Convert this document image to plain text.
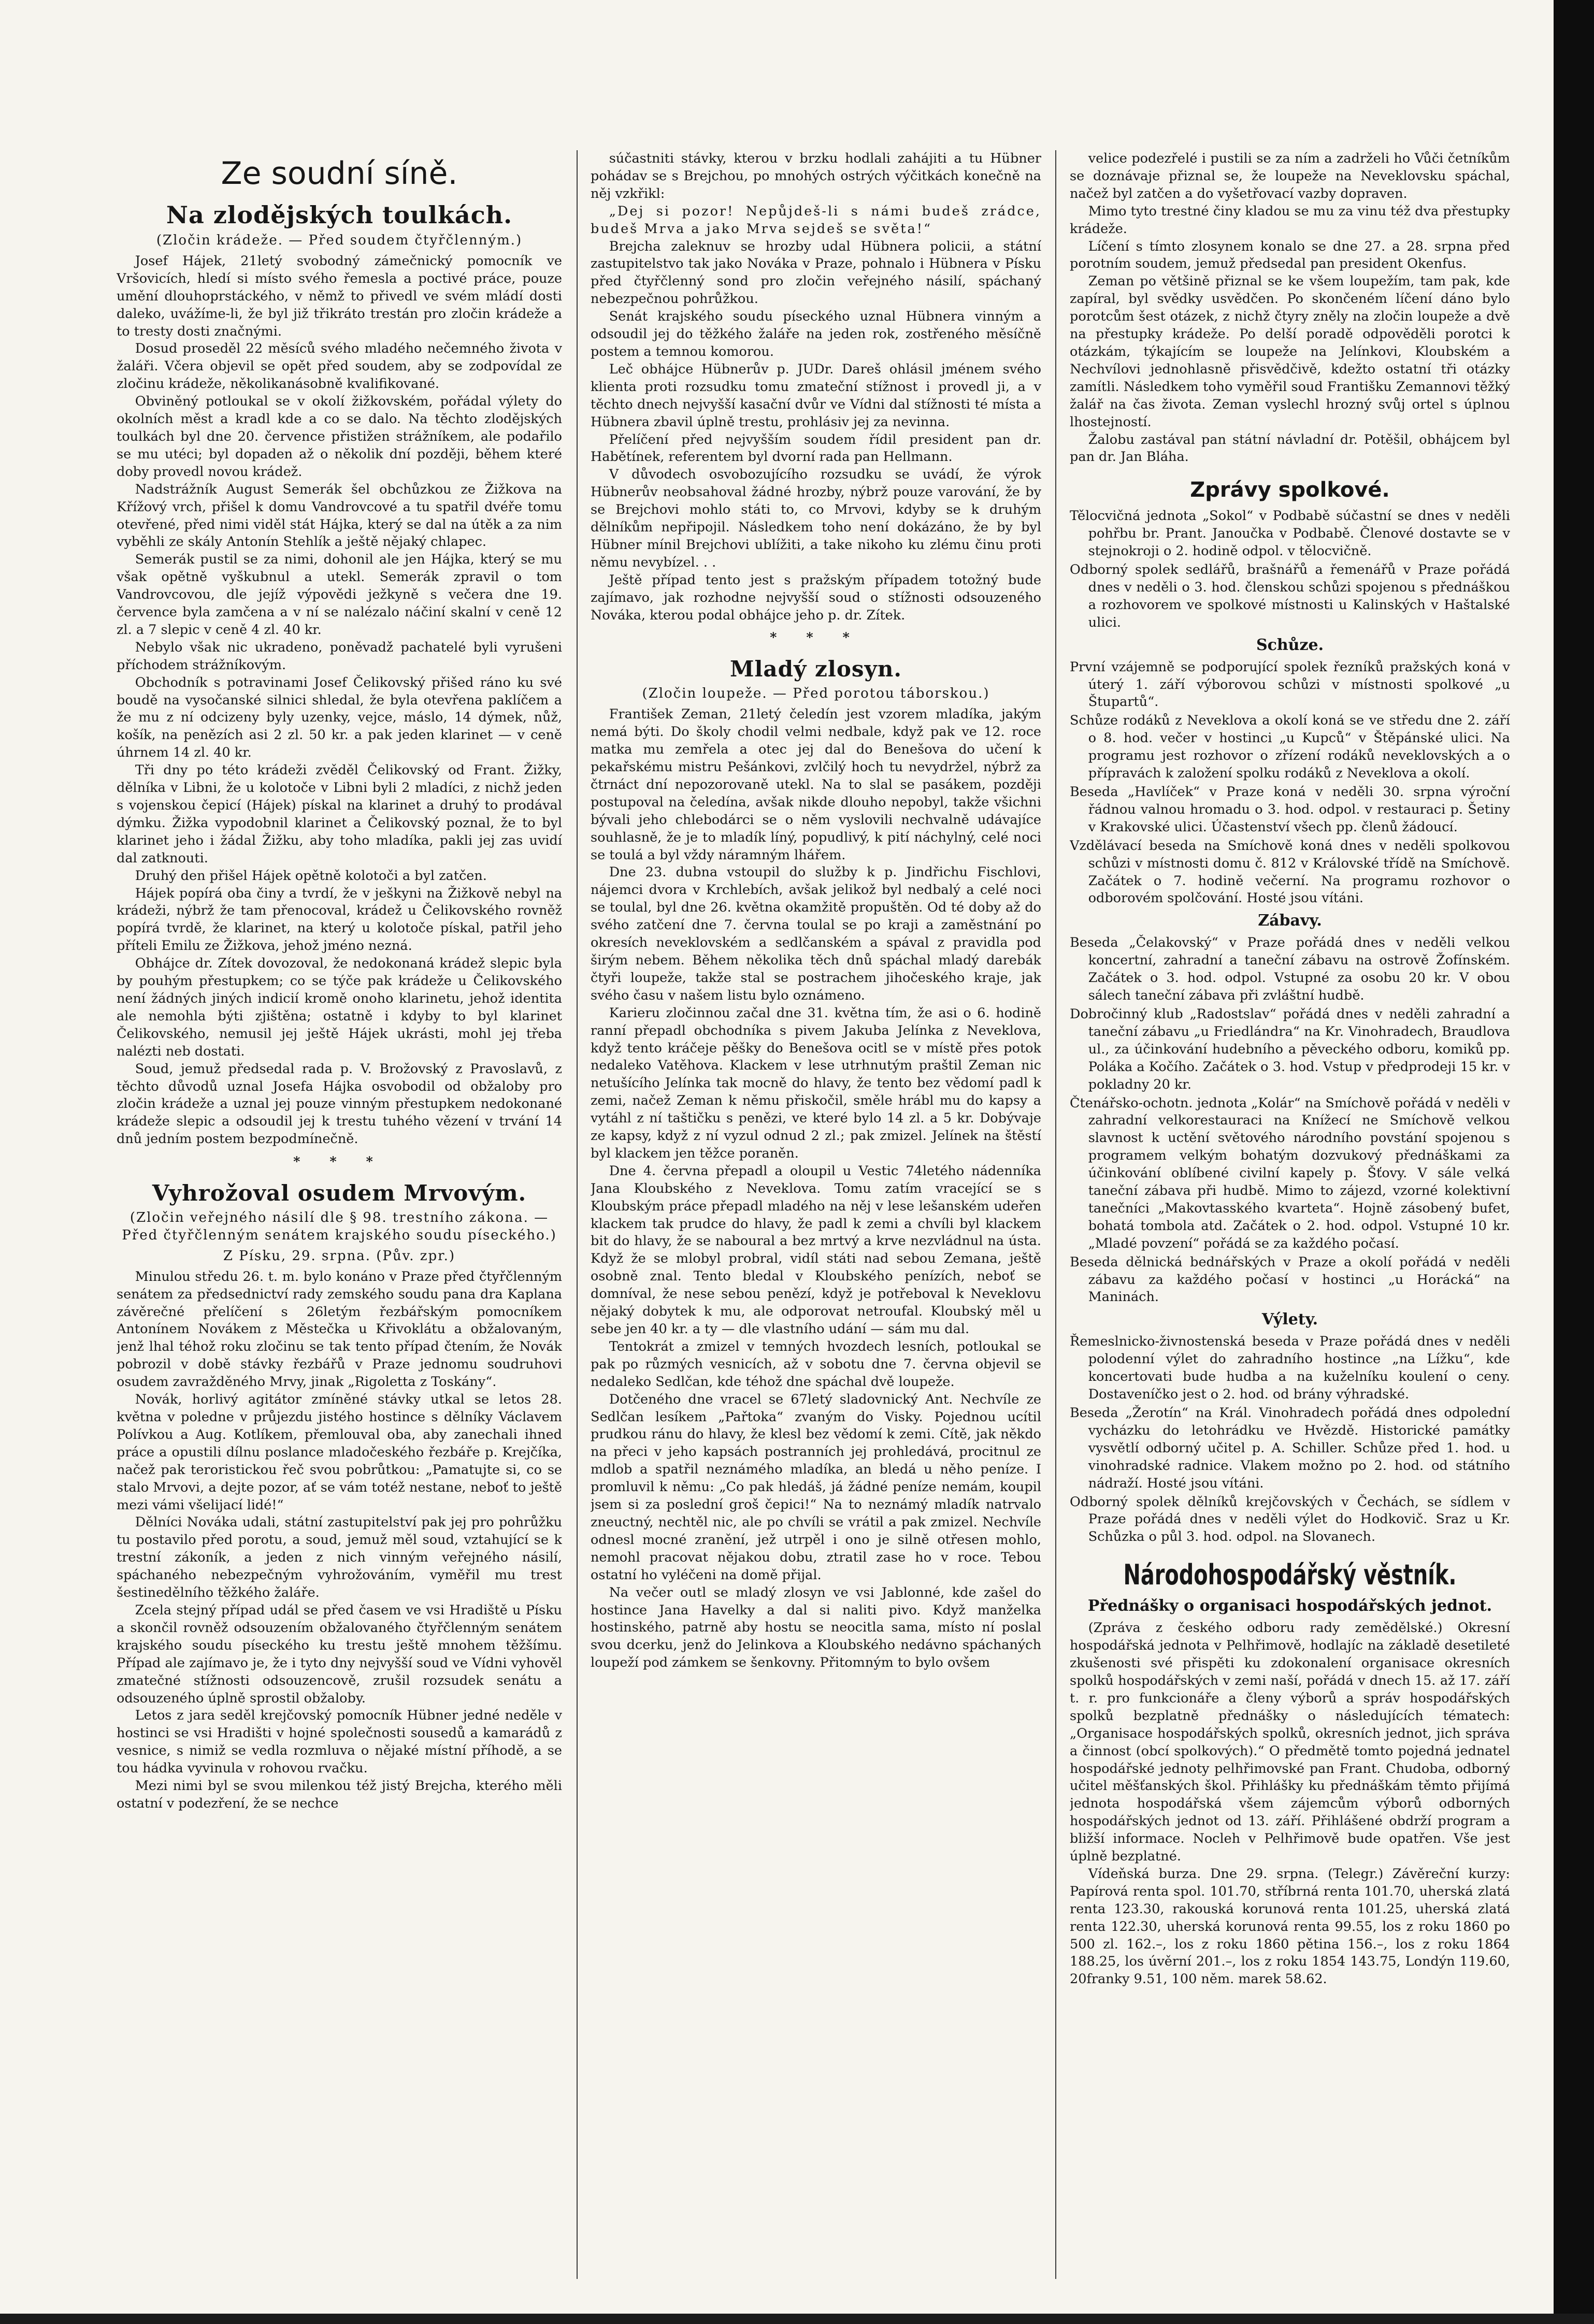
Ze soudní síně.
Na zlodějských toulkách.

(Zločin krádeže. — Před soudem čtyřčlenným.)

Josef Hájek, 21letý svobodný zámečnický pomocník ve Vršovicích, hledí si místo svého řemesla a poctivé práce, pouze umění dlouhoprstáckého, v němž to přivedl ve svém mládí dosti daleko, uvážíme-li, že byl již třikráto trestán pro zločin krádeže a to tresty dosti značnými.

Dosud proseděl 22 měsíců svého mladého nečemného života v žaláři. Včera objevil se opět před soudem, aby se zodpovídal ze zločinu krádeže, několikanásobně kvalifikované.

Obviněný potloukal se v okolí žižkovském, pořádal výlety do okolních měst a kradl kde a co se dalo. Na těchto zlodějských toulkách byl dne 20. července přistižen strážníkem, ale podařilo se mu utéci; byl dopaden až o několik dní později, během které doby provedl novou krádež.

Nadstrážník August Semerák šel obchůzkou ze Žižkova na Křížový vrch, přišel k domu Vandrovcové a tu spatřil dvéře tomu otevřené, před nimi viděl stát Hájka, který se dal na útěk a za nim vyběhli ze skály Antonín Stehlík a ještě nějaký chlapec.

Semerák pustil se za nimi, dohonil ale jen Hájka, který se mu však opětně vyškubnul a utekl. Semerák zpravil o tom Vandrovcovou, dle jejíž výpovědi ježkyně s večera dne 19. července byla zamčena a v ní se nalézalo náčiní skalní v ceně 12 zl. a 7 slepic v ceně 4 zl. 40 kr.

Nebylo však nic ukradeno, poněvadž pachatelé byli vyrušeni příchodem strážníkovým.

Obchodník s potravinami Josef Čelikovský přišed ráno ku své boudě na vysočanské silnici shledal, že byla otevřena paklíčem a že mu z ní odcizeny byly uzenky, vejce, máslo, 14 dýmek, nůž, košík, na penězích asi 2 zl. 50 kr. a pak jeden klarinet — v ceně úhrnem 14 zl. 40 kr.

Tři dny po této krádeži zvěděl Čelikovský od Frant. Žižky, dělníka v Libni, že u kolotoče v Libni byli 2 mladíci, z nichž jeden s vojenskou čepicí (Hájek) pískal na klarinet a druhý to prodával dýmku. Žižka vypodobnil klarinet a Čelikovský poznal, že to byl klarinet jeho i žádal Žižku, aby toho mladíka, pakli jej zas uvidí dal zatknouti.

Druhý den přišel Hájek opětně kolotoči a byl zatčen.

Hájek popírá oba činy a tvrdí, že v ješkyni na Žižkově nebyl na krádeži, nýbrž že tam přenocoval, krádež u Čelikovského rovněž popírá tvrdě, že klarinet, na který u kolotoče pískal, patřil jeho příteli Emilu ze Žižkova, jehož jméno nezná.

Obhájce dr. Zítek dovozoval, že nedokonaná krádež slepic byla by pouhým přestupkem; co se týče pak krádeže u Čelikovského není žádných jiných indicií kromě onoho klarinetu, jehož identita ale nemohla býti zjištěna; ostatně i kdyby to byl klarinet Čelikovského, nemusil jej ještě Hájek ukrásti, mohl jej třeba nalézti neb dostati.

Soud, jemuž předsedal rada p. V. Brožovský z Pravoslavů, z těchto důvodů uznal Josefa Hájka osvobodil od obžaloby pro zločin krádeže a uznal jej pouze vinným přestupkem nedokonané krádeže slepic a odsoudil jej k trestu tuhého vězení v trvání 14 dnů jedním postem bezpodmínečně.

* * *
Vyhrožoval osudem Mrvovým.

(Zločin veřejného násilí dle § 98. trestního zákona. — Před čtyřčlenným senátem krajského soudu píseckého.)

Z Písku, 29. srpna. (Pův. zpr.)

Minulou středu 26. t. m. bylo konáno v Praze před čtyřčlenným senátem za předsednictví rady zemského soudu pana dra Kaplana závěrečné přelíčení s 26letým řezbářským pomocníkem Antonínem Novákem z Městečka u Křivoklátu a obžalovaným, jenž lhal téhož roku zločinu se tak tento případ čtením, že Novák pobrozil v době stávky řezbářů v Praze jednomu soudruhovi osudem zavražděného Mrvy, jinak „Rigoletta z Toskány“.

Novák, horlivý agitátor zmíněné stávky utkal se letos 28. května v poledne v průjezdu jistého hostince s dělníky Václavem Polívkou a Aug. Kotlíkem, přemlouval oba, aby zanechali ihned práce a opustili dílnu poslance mladočeského řezbáře p. Krejčíka, načež pak teroristickou řeč svou pobrůtkou: „Pamatujte si, co se stalo Mrvovi, a dejte pozor, ať se vám totéž nestane, neboť to ještě mezi vámi všelijací lidé!“

Dělníci Nováka udali, státní zastupitelství pak jej pro pohrůžku tu postavilo před porotu, a soud, jemuž měl soud, vztahující se k trestní zákoník, a jeden z nich vinným veřejného násilí, spáchaného nebezpečným vyhrožováním, vyměřil mu trest šestinedělního těžkého žaláře.

Zcela stejný případ udál se před časem ve vsi Hradiště u Písku a skončil rovněž odsouzením obžalovaného čtyřčlenným senátem krajského soudu píseckého ku trestu ještě mnohem těžšímu. Případ ale zajímavo je, že i tyto dny nejvyšší soud ve Vídni vyhověl zmatečné stížnosti odsouzencově, zrušil rozsudek senátu a odsouzeného úplně sprostil obžaloby.

Letos z jara seděl krejčovský pomocník Hübner jedné neděle v hostinci se vsi Hradišti v hojné společnosti sousedů a kamarádů z vesnice, s nimiž se vedla rozmluva o nějaké místní příhodě, a se tou hádka vyvinula v rohovou rvačku.

Mezi nimi byl se svou milenkou též jistý Brejcha, kterého měli ostatní v podezření, že se nechce

súčastniti stávky, kterou v brzku hodlali zahájiti a tu Hübner pohádav se s Brejchou, po mnohých ostrých výčitkách konečně na něj vzkřikl:

„Dej si pozor! Nepůjdeš-li s námi budeš zrádce, budeš Mrva a jako Mrva sejdeš se světa!“

Brejcha zaleknuv se hrozby udal Hübnera policii, a státní zastupitelstvo tak jako Nováka v Praze, pohnalo i Hübnera v Písku před čtyřčlenný sond pro zločin veřejného násilí, spáchaný nebezpečnou pohrůžkou.

Senát krajského soudu píseckého uznal Hübnera vinným a odsoudil jej do těžkého žaláře na jeden rok, zostřeného měsíčně postem a temnou komorou.

Leč obhájce Hübnerův p. JUDr. Dareš ohlásil jménem svého klienta proti rozsudku tomu zmateční stížnost i provedl ji, a v těchto dnech nejvyšší kasační dvůr ve Vídni dal stížnosti té místa a Hübnera zbavil úplně trestu, prohlásiv jej za nevinna.

Přelíčení před nejvyšším soudem řídil president pan dr. Habětínek, referentem byl dvorní rada pan Hellmann.

V důvodech osvobozujícího rozsudku se uvádí, že výrok Hübnerův neobsahoval žádné hrozby, nýbrž pouze varování, že by se Brejchovi mohlo státi to, co Mrvovi, kdyby se k druhým dělníkům nepřipojil. Následkem toho není dokázáno, že by byl Hübner mínil Brejchovi ublížiti, a take nikoho ku zlému činu proti němu nevybízel. . .

Ještě případ tento jest s pražským případem totožný bude zajímavo, jak rozhodne nejvyšší soud o stížnosti odsouzeného Nováka, kterou podal obhájce jeho p. dr. Zítek.

* * *
Mladý zlosyn.

(Zločin loupeže. — Před porotou táborskou.)

František Zeman, 21letý čeledín jest vzorem mladíka, jakým nemá býti. Do školy chodil velmi nedbale, když pak ve 12. roce matka mu zemřela a otec jej dal do Benešova do učení k pekařskému mistru Pešánkovi, zvlčilý hoch tu nevydržel, nýbrž za čtrnáct dní nepozorovaně utekl. Na to slal se pasákem, později postupoval na čeledína, avšak nikde dlouho nepobyl, takže všichni bývali jeho chlebodárci se o něm vyslovili nechvalně udávajíce souhlasně, že je to mladík líný, popudlivý, k pití náchylný, celé noci se toulá a byl vždy náramným lhářem.

Dne 23. dubna vstoupil do služby k p. Jindřichu Fischlovi, nájemci dvora v Krchlebích, avšak jelikož byl nedbalý a celé noci se toulal, byl dne 26. května okamžitě propuštěn. Od té doby až do svého zatčení dne 7. června toulal se po kraji a zaměstnání po okresích neveklovském a sedlčanském a spával z pravidla pod širým nebem. Během několika těch dnů spáchal mladý darebák čtyři loupeže, takže stal se postrachem jihočeského kraje, jak svého času v našem listu bylo oznámeno.

Karieru zločinnou začal dne 31. května tím, že asi o 6. hodině ranní přepadl obchodníka s pivem Jakuba Jelínka z Neveklova, když tento kráčeje pěšky do Benešova ocitl se v místě přes potok nedaleko Vatěhova. Klackem v lese utrhnutým praštil Zeman nic netušícího Jelínka tak mocně do hlavy, že tento bez vědomí padl k zemi, načež Zeman k němu přiskočil, směle hrábl mu do kapsy a vytáhl z ní taštičku s penězi, ve které bylo 14 zl. a 5 kr. Dobývaje ze kapsy, když z ní vyzul odnud 2 zl.; pak zmizel. Jelínek na štěstí byl klackem jen těžce poraněn.

Dne 4. června přepadl a oloupil u Vestic 74letého nádenníka Jana Kloubského z Neveklova. Tomu zatím vracející se s Kloubským práce přepadl mladého na něj v lese lešanském udeřen klackem tak prudce do hlavy, že padl k zemi a chvíli byl klackem bit do hlavy, že se naboural a bez mrtvý a krve nezvládnul na ústa. Když že se mlobyl probral, vidíl státi nad sebou Zemana, ještě osobně znal. Tento bledal v Kloubského penízích, neboť se domníval, že nese sebou penězí, když je potřeboval k Neveklovu nějaký dobytek k mu, ale odporovat netroufal. Kloubský měl u sebe jen 40 kr. a ty — dle vlastního udání — sám mu dal.

Tentokrát a zmizel v temných hvozdech lesních, potloukal se pak po růzmých vesnicích, až v sobotu dne 7. června objevil se nedaleko Sedlčan, kde téhož dne spáchal dvě loupeže.

Dotčeného dne vracel se 67letý sladovnický Ant. Nechvíle ze Sedlčan lesíkem „Pařtoka“ zvaným do Visky. Pojednou ucítil prudkou ránu do hlavy, že klesl bez vědomí k zemi. Cítě, jak někdo na přeci v jeho kapsách postranních jej prohledává, procitnul ze mdlob a spatřil neznámého mladíka, an bledá u něho peníze. I promluvil k němu: „Co pak hledáš, já žádné peníze nemám, koupil jsem si za poslední groš čepici!“ Na to neznámý mladík natrvalo zneuctný, nechtěl nic, ale po chvíli se vrátil a pak zmizel. Nechvíle odnesl mocné zranění, jež utrpěl i ono je silně otřesen mohlo, nemohl pracovat nějakou dobu, ztratil zase ho v roce. Tebou ostatní ho vyléčeni na domě přijal.

Na večer outl se mladý zlosyn ve vsi Jablonné, kde zašel do hostince Jana Havelky a dal si naliti pivo. Když manželka hostinského, patrně aby hostu se neocitla sama, místo ní poslal svou dcerku, jenž do Jelinkova a Kloubského nedávno spáchaných loupeží pod zámkem se šenkovny. Přitomným to bylo ovšem

velice podezřelé i pustili se za ním a zadrželi ho Vůči četníkům se doznávaje přiznal se, že loupeže na Neveklovsku spáchal, načež byl zatčen a do vyšetřovací vazby dopraven.

Mimo tyto trestné činy kladou se mu za vinu též dva přestupky krádeže.

Líčení s tímto zlosynem konalo se dne 27. a 28. srpna před porotním soudem, jemuž předsedal pan president Okenfus.

Zeman po většině přiznal se ke všem loupežím, tam pak, kde zapíral, byl svědky usvědčen. Po skončeném líčení dáno bylo porotcům šest otázek, z nichž čtyry zněly na zločin loupeže a dvě na přestupky krádeže. Po delší poradě odpověděli porotci k otázkám, týkajícím se loupeže na Jelínkovi, Kloubském a Nechvílovi jednohlasně přisvědčivě, kdežto ostatní tři otázky zamítli. Následkem toho vyměřil soud Františku Zemannovi těžký žalář na čas života. Zeman vyslechl hrozný svůj ortel s úplnou lhostejností.

Žalobu zastával pan státní návladní dr. Potěšil, obhájcem byl pan dr. Jan Bláha.

Zprávy spolkové.

Tělocvičná jednota „Sokol“ v Podbabě súčastní se dnes v neděli pohřbu br. Prant. Janoučka v Podbabě. Členové dostavte se v stejnokroji o 2. hodině odpol. v tělocvičně.

Odborný spolek sedlářů, brašnářů a řemenářů v Praze pořádá dnes v neděli o 3. hod. členskou schůzi spojenou s přednáškou a rozhovorem ve spolkové místnosti u Kalinských v Haštalské ulici.

Schůze.

První vzájemně se podporující spolek řezníků pražských koná v úterý 1. září výborovou schůzi v místnosti spolkové „u Štupartů“.

Schůze rodáků z Neveklova a okolí koná se ve středu dne 2. září o 8. hod. večer v hostinci „u Kupců“ v Štěpánské ulici. Na programu jest rozhovor o zřízení rodáků neveklovských a o přípravách k založení spolku rodáků z Neveklova a okolí.

Beseda „Havlíček“ v Praze koná v neděli 30. srpna výroční řádnou valnou hromadu o 3. hod. odpol. v restauraci p. Šetiny v Krakovské ulici. Účastenství všech pp. členů žádoucí.

Vzdělávací beseda na Smíchově koná dnes v neděli spolkovou schůzi v místnosti domu č. 812 v Královské třídě na Smíchově. Začátek o 7. hodině večerní. Na programu rozhovor o odborovém spolčování. Hosté jsou vítáni.

Zábavy.

Beseda „Čelakovský“ v Praze pořádá dnes v neděli velkou koncertní, zahradní a taneční zábavu na ostrově Žofínském. Začátek o 3. hod. odpol. Vstupné za osobu 20 kr. V obou sálech taneční zábava při zvláštní hudbě.

Dobročinný klub „Radostslav“ pořádá dnes v neděli zahradní a taneční zábavu „u Friedlándra“ na Kr. Vinohradech, Braudlova ul., za účinkování hudebního a pěveckého odboru, komiků pp. Poláka a Kočího. Začátek o 3. hod. Vstup v předprodeji 15 kr. v pokladny 20 kr.

Čtenářsko-ochotn. jednota „Kolár“ na Smíchově pořádá v neděli v zahradní velkorestauraci na Knížecí ne Smíchově velkou slavnost k uctění světového národního povstání spojenou s programem velkým bohatým dozvukový přednáškami za účinkování oblíbené civilní kapely p. Šťovy. V sále velká taneční zábava při hudbě. Mimo to zájezd, vzorné kolektivní tanečníci „Makovtasského kvarteta“. Hojně zásobený bufet, bohatá tombola atd. Začátek o 2. hod. odpol. Vstupné 10 kr. „Mladé povzení“ pořádá se za každého počasí.

Beseda dělnická bednářských v Praze a okolí pořádá v neděli zábavu za každého počasí v hostinci „u Horácká“ na Maninách.

Výlety.

Řemeslnicko-živnostenská beseda v Praze pořádá dnes v neděli polodenní výlet do zahradního hostince „na Lížku“, kde koncertovati bude hudba a na kuželníku koulení o ceny. Dostaveníčko jest o 2. hod. od brány výhradské.

Beseda „Žerotín“ na Král. Vinohradech pořádá dnes odpolední vycházku do letohrádku ve Hvězdě. Historické památky vysvětlí odborný učitel p. A. Schiller. Schůze před 1. hod. u vinohradské radnice. Vlakem možno po 2. hod. od státního nádraží. Hosté jsou vítáni.

Odborný spolek dělníků krejčovských v Čechách, se sídlem v Praze pořádá dnes v neděli výlet do Hodkovič. Sraz u Kr. Schůzka o půl 3. hod. odpol. na Slovanech.

Národohospodářský věstník.
Přednášky o organisaci hospodářských jednot.

(Zpráva z českého odboru rady zemědělské.) Okresní hospodářská jednota v Pelhřimově, hodlajíc na základě desetileté zkušenosti své přispěti ku zdokonalení organisace okresních spolků hospodářských v zemi naší, pořádá v dnech 15. až 17. září t. r. pro funkcionáře a členy výborů a správ hospodářských spolků bezplatně přednášky o následujících tématech: „Organisace hospodářských spolků, okresních jednot, jich správa a činnost (obcí spolkových).“ O předmětě tomto pojedná jednatel hospodářské jednoty pelhřimovské pan Frant. Chudoba, odborný učitel měšťanských škol. Přihlášky ku přednáškám těmto přijímá jednota hospodářská všem zájemcům výborů odborných hospodářských jednot od 13. září. Přihlášené obdrží program a bližší informace. Nocleh v Pelhřimově bude opatřen. Vše jest úplně bezplatné.

Vídeňská burza. Dne 29. srpna. (Telegr.) Závěreční kurzy: Papírová renta spol. 101.70, stříbrná renta 101.70, uherská zlatá renta 123.30, rakouská korunová renta 101.25, uherská zlatá renta 122.30, uherská korunová renta 99.55, los z roku 1860 po 500 zl. 162.–, los z roku 1860 pětina 156.–, los z roku 1864 188.25, los úvěrní 201.–, los z roku 1854 143.75, Londýn 119.60, 20franky 9.51, 100 něm. marek 58.62.
